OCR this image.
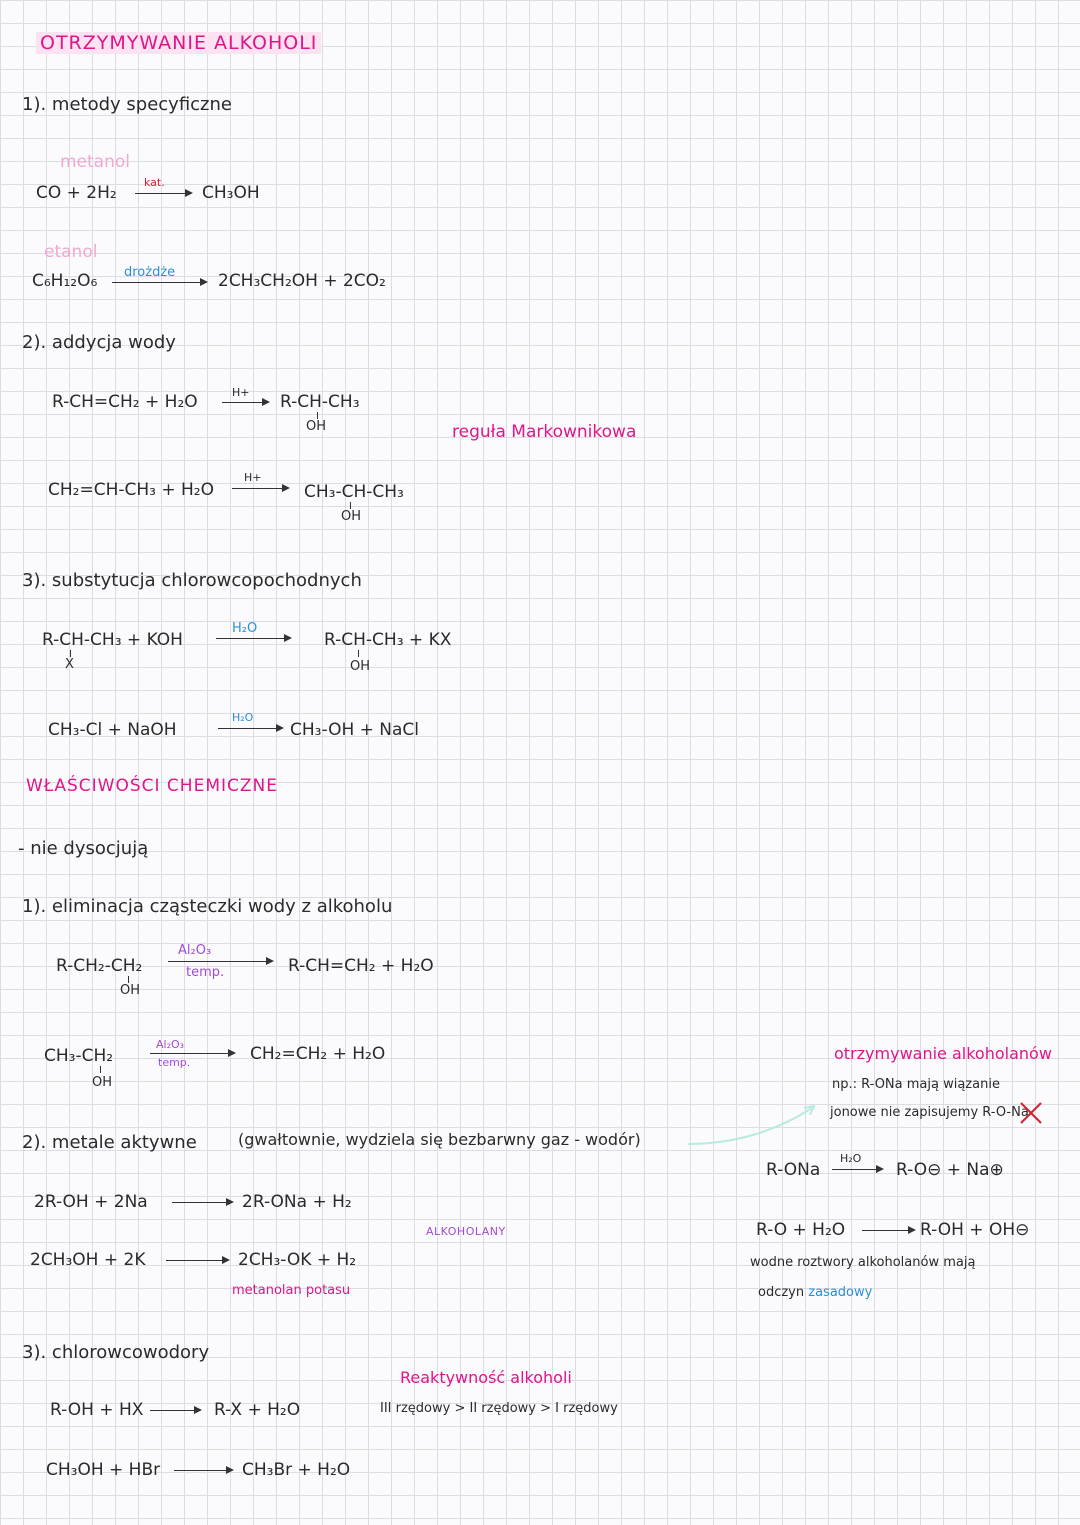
OTRZYMYWANIE ALKOHOLI
1). metody specyficzne
metanol
CO + 2H₂
kat.
→ CH₃OH
etanol
C₆H₁₂O₆ drożdże	2CH₃CH₂OH + 2CO₂
2). addycja wody
R-CH=CH₂ + H₂O	H+ → R-CH-CH₃
OH	reguła Markownikowa
CH₂=CH-CH₃ + H₂O
H+
→ CH₃-CH-CH₃
OH
3). substytucja chlorowcopochodnych
R-CH-CH₃ + KOH
X
H₂O
R-CH-CH₃ + KX
OH
CH₃-Cl + NaOH
H₂O
→ CH₃-OH + NaCl
WŁAŚCIWOŚCI CHEMICZNE
- nie dysocjują
1). eliminacja cząsteczki wody z alkoholu
R-CH₂-CH₂
OH
Al₂O₃
temp.	R-CH=CH₂ + H₂O
CH₃-CH₂
OH
Al₂O₃
temp.	CH₂=CH₂ + H₂O
2). metale aktywne	(gwałtownie, wydziela się bezbarwny gaz - wodór)
2R-OH + 2Na → 2R-ONa + H₂
ALKOHOLANY
2CH₃OH + 2K → 2CH₃-OK + H₂
metanolan potasu
3). chlorowcowodory
Reaktywność alkoholi
III rzędowy > II rzędowy > I rzędowy
R-OH + HX → R-X + H₂O
CH₃OH + HBr → CH₃Br + H₂O
otrzymywanie alkoholanów
np.: R-ONa mają wiązanie
jonowe nie zapisujemy R-O-Na
R-ONa
H₂O
→ R-O⊖ + Na⊕
R-O + H₂O → R-OH + OH⊖
wodne roztwory alkoholanów mają
odczyn zasadowy
